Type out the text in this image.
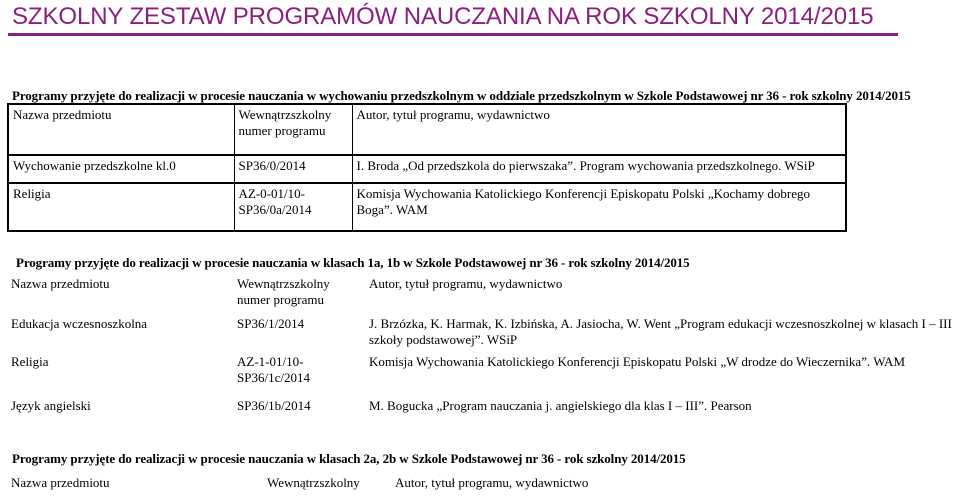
SZKOLNY ZESTAW PROGRAMÓW NAUCZANIA NA ROK SZKOLNY 2014/2015
Programy przyjęte do realizacji w procesie nauczania w wychowaniu przedszkolnym w oddziale przedszkolnym w Szkole Podstawowej nr 36 - rok szkolny 2014/2015
Nazwa przedmiotu	Wewnątrzszkolny numer programu	Autor, tytuł programu, wydawnictwo
Wychowanie przedszkolne kl.0	SP36/0/2014	I. Broda „Od przedszkola do pierwszaka”. Program wychowania przedszkolnego. WSiP
Religia	AZ-0-01/10-SP36/0a/2014	Komisja Wychowania Katolickiego Konferencji Episkopatu Polski „Kochamy dobrego Boga”. WAM
Programy przyjęte do realizacji w procesie nauczania w klasach 1a, 1b w Szkole Podstawowej nr 36 - rok szkolny 2014/2015
Nazwa przedmiotu	Wewnątrzszkolny numer programu	Autor, tytuł programu, wydawnictwo
Edukacja wczesnoszkolna	SP36/1/2014	J. Brzózka, K. Harmak, K. Izbińska, A. Jasiocha, W. Went „Program edukacji wczesnoszkolnej w klasach I – III szkoły podstawowej”. WSiP
Religia	AZ-1-01/10-SP36/1c/2014	Komisja Wychowania Katolickiego Konferencji Episkopatu Polski „W drodze do Wieczernika”. WAM
Język angielski	SP36/1b/2014	M. Bogucka „Program nauczania j. angielskiego dla klas I – III”. Pearson
Programy przyjęte do realizacji w procesie nauczania w klasach 2a, 2b w Szkole Podstawowej nr 36 - rok szkolny 2014/2015
Nazwa przedmiotu	Wewnątrzszkolny	Autor, tytuł programu, wydawnictwo
